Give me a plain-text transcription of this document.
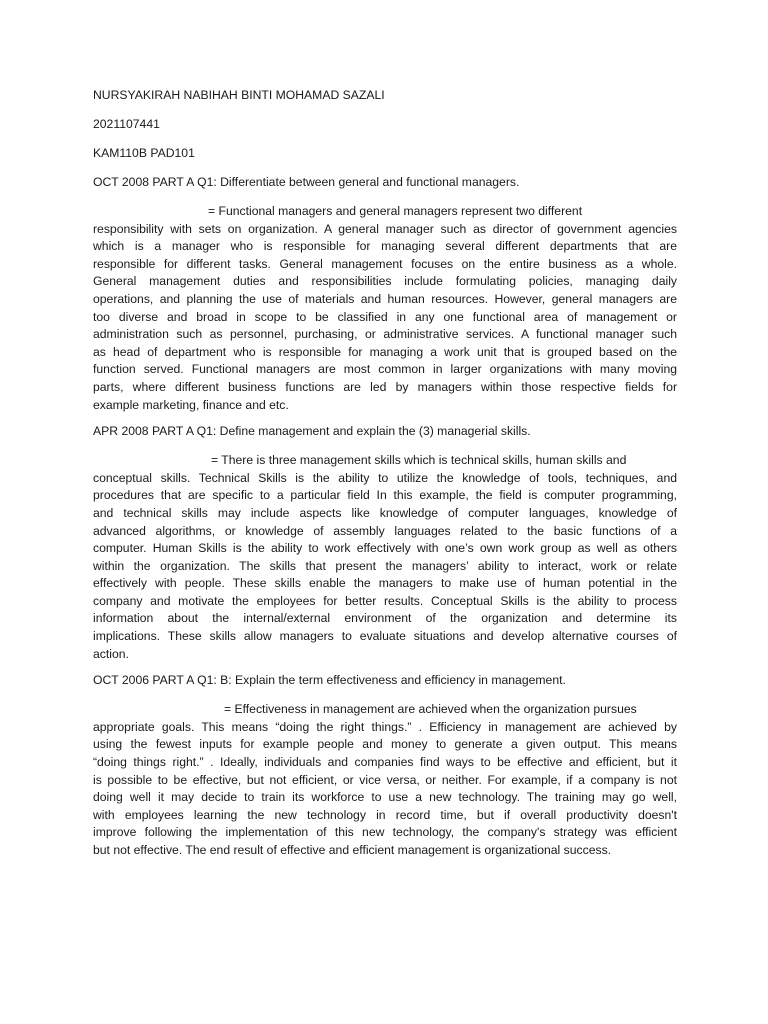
NURSYAKIRAH NABIHAH BINTI MOHAMAD SAZALI
2021107441
KAM110B PAD101
OCT 2008 PART A Q1: Differentiate between general and functional managers.
= Functional managers and general managers represent two different
responsibility with sets on organization. A general manager such as director of government agencies
which is a manager who is responsible for managing several different departments that are
responsible for different tasks. General management focuses on the entire business as a whole.
General management duties and responsibilities include formulating policies, managing daily
operations, and planning the use of materials and human resources. However, general managers are
too diverse and broad in scope to be classified in any one functional area of management or
administration such as personnel, purchasing, or administrative services. A functional manager such
as head of department who is responsible for managing a work unit that is grouped based on the
function served. Functional managers are most common in larger organizations with many moving
parts, where different business functions are led by managers within those respective fields for
example marketing, finance and etc.
APR 2008 PART A Q1: Define management and explain the (3) managerial skills.
= There is three management skills which is technical skills, human skills and
conceptual skills. Technical Skills is the ability to utilize the knowledge of tools, techniques, and
procedures that are specific to a particular field In this example, the field is computer programming,
and technical skills may include aspects like knowledge of computer languages, knowledge of
advanced algorithms, or knowledge of assembly languages related to the basic functions of a
computer. Human Skills is the ability to work effectively with one’s own work group as well as others
within the organization. The skills that present the managers’ ability to interact, work or relate
effectively with people. These skills enable the managers to make use of human potential in the
company and motivate the employees for better results. Conceptual Skills is the ability to process
information about the internal/external environment of the organization and determine its
implications. These skills allow managers to evaluate situations and develop alternative courses of
action.
OCT 2006 PART A Q1: B: Explain the term effectiveness and efficiency in management.
= Effectiveness in management are achieved when the organization pursues
appropriate goals. This means “doing the right things.” . Efficiency in management are achieved by
using the fewest inputs for example people and money to generate a given output. This means
“doing things right.” . Ideally, individuals and companies find ways to be effective and efficient, but it
is possible to be effective, but not efficient, or vice versa, or neither. For example, if a company is not
doing well it may decide to train its workforce to use a new technology. The training may go well,
with employees learning the new technology in record time, but if overall productivity doesn't
improve following the implementation of this new technology, the company's strategy was efficient
but not effective. The end result of effective and efficient management is organizational success.
